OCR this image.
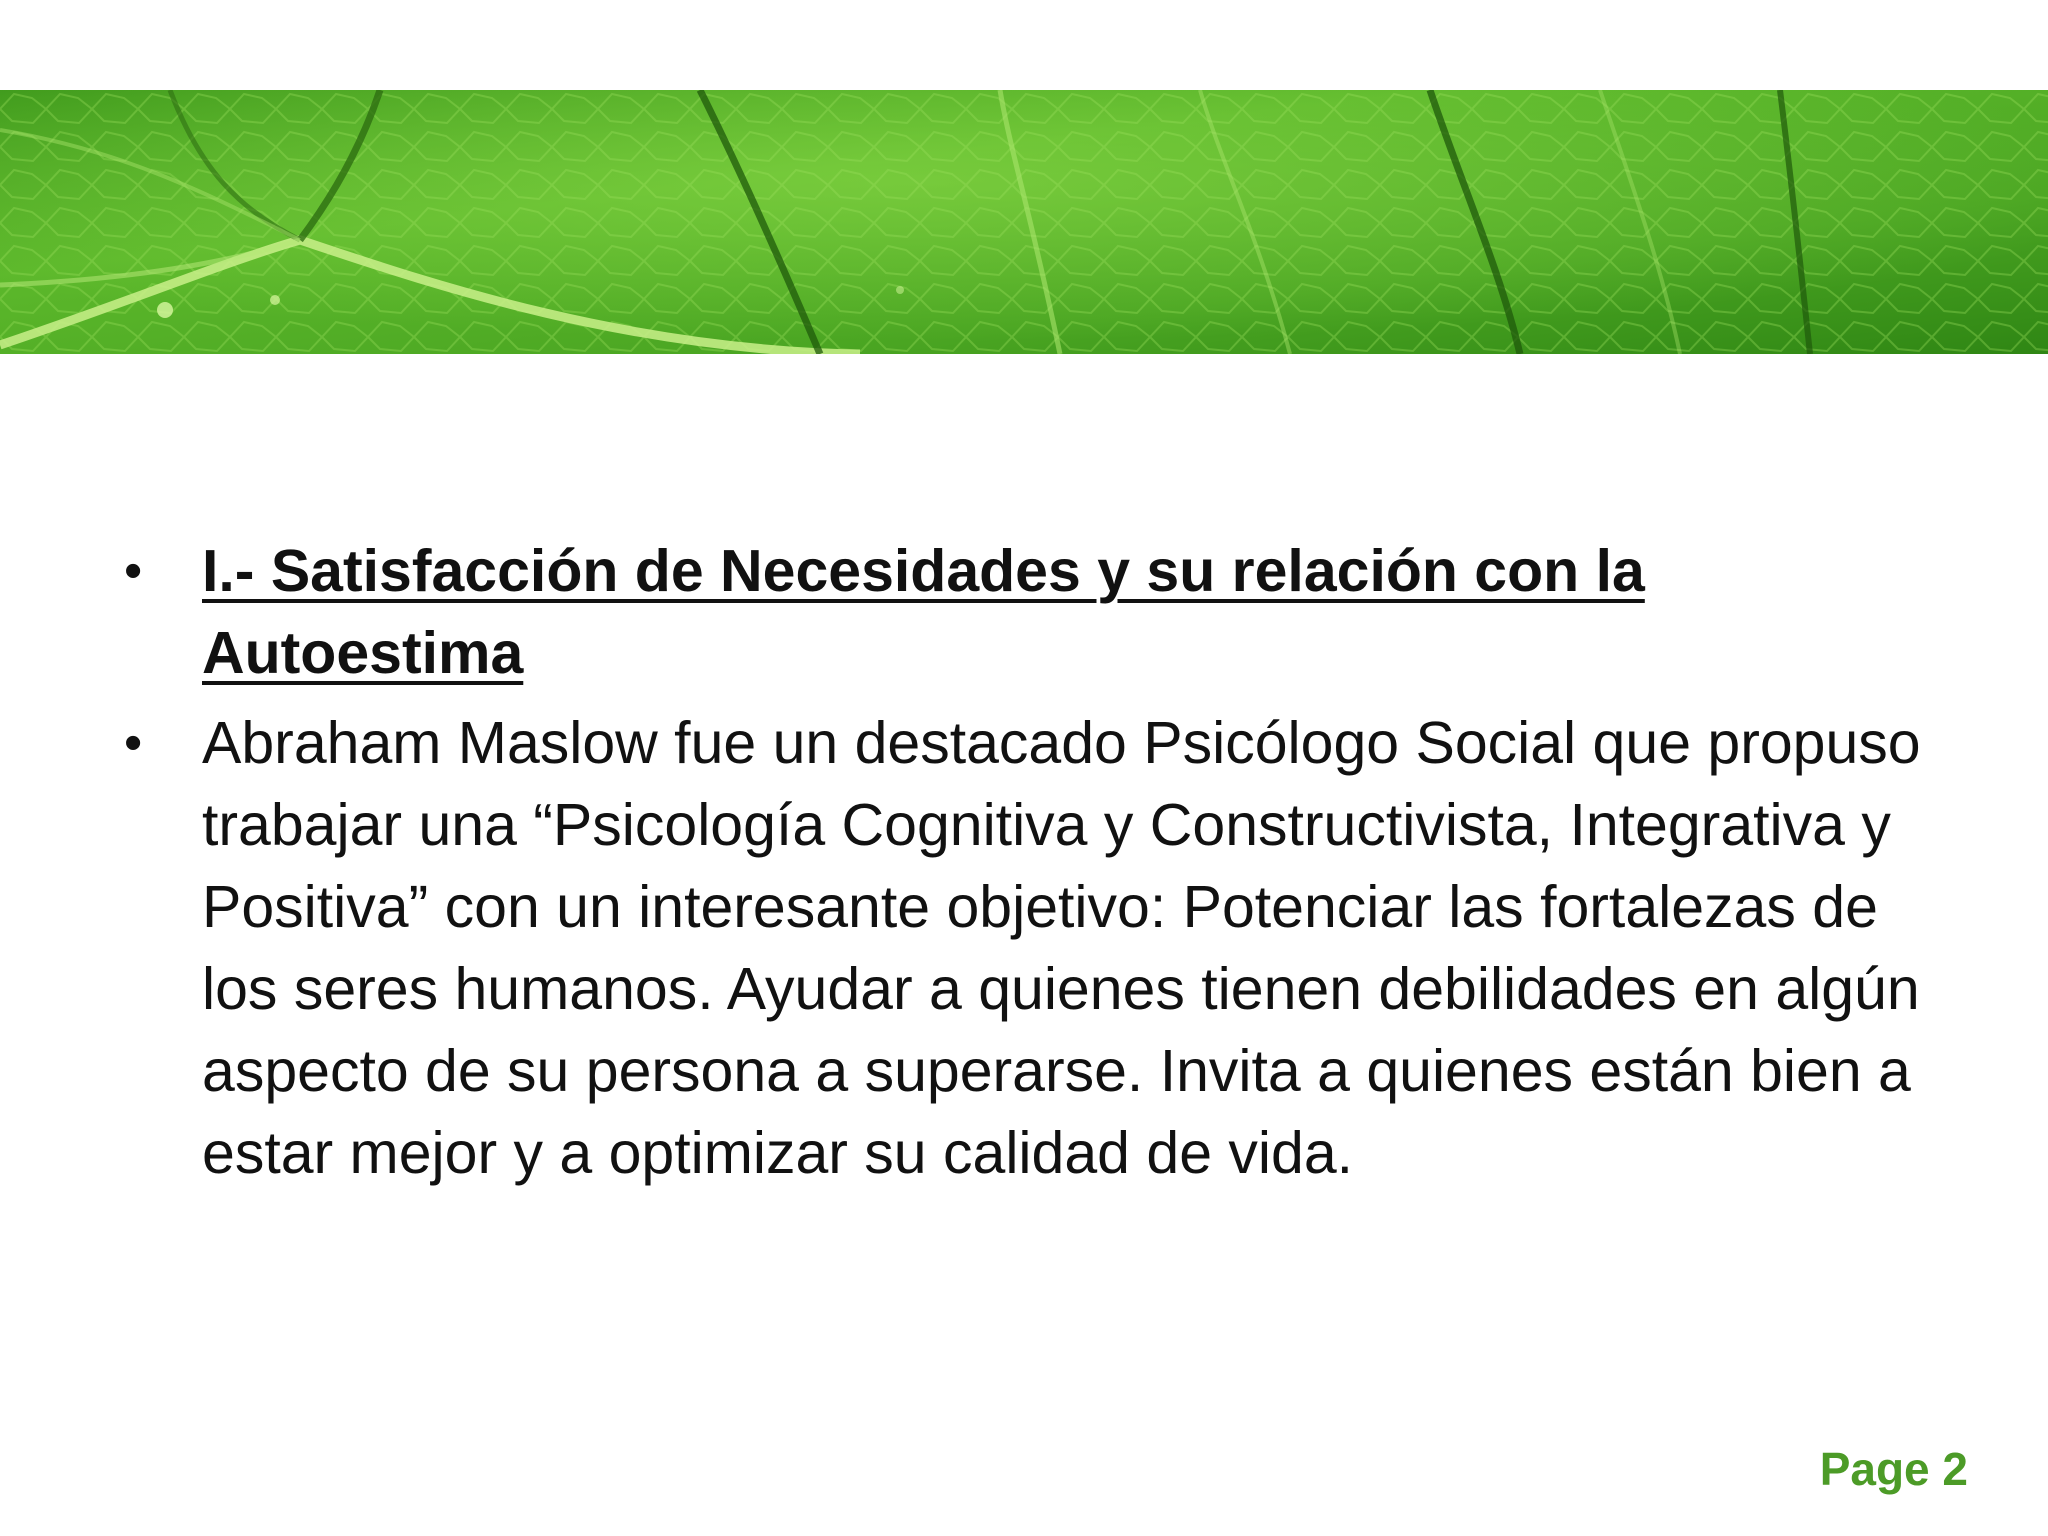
• I.- Satisfacción de Necesidades y su relación con la Autoestima
• Abraham Maslow fue un destacado Psicólogo Social que propuso trabajar una “Psicología Cognitiva y Constructivista, Integrativa y Positiva” con un interesante objetivo: Potenciar las fortalezas de los seres humanos. Ayudar a quienes tienen debilidades en algún aspecto de su persona a superarse. Invita a quienes están bien a estar mejor y a optimizar su calidad de vida.
Page 2
